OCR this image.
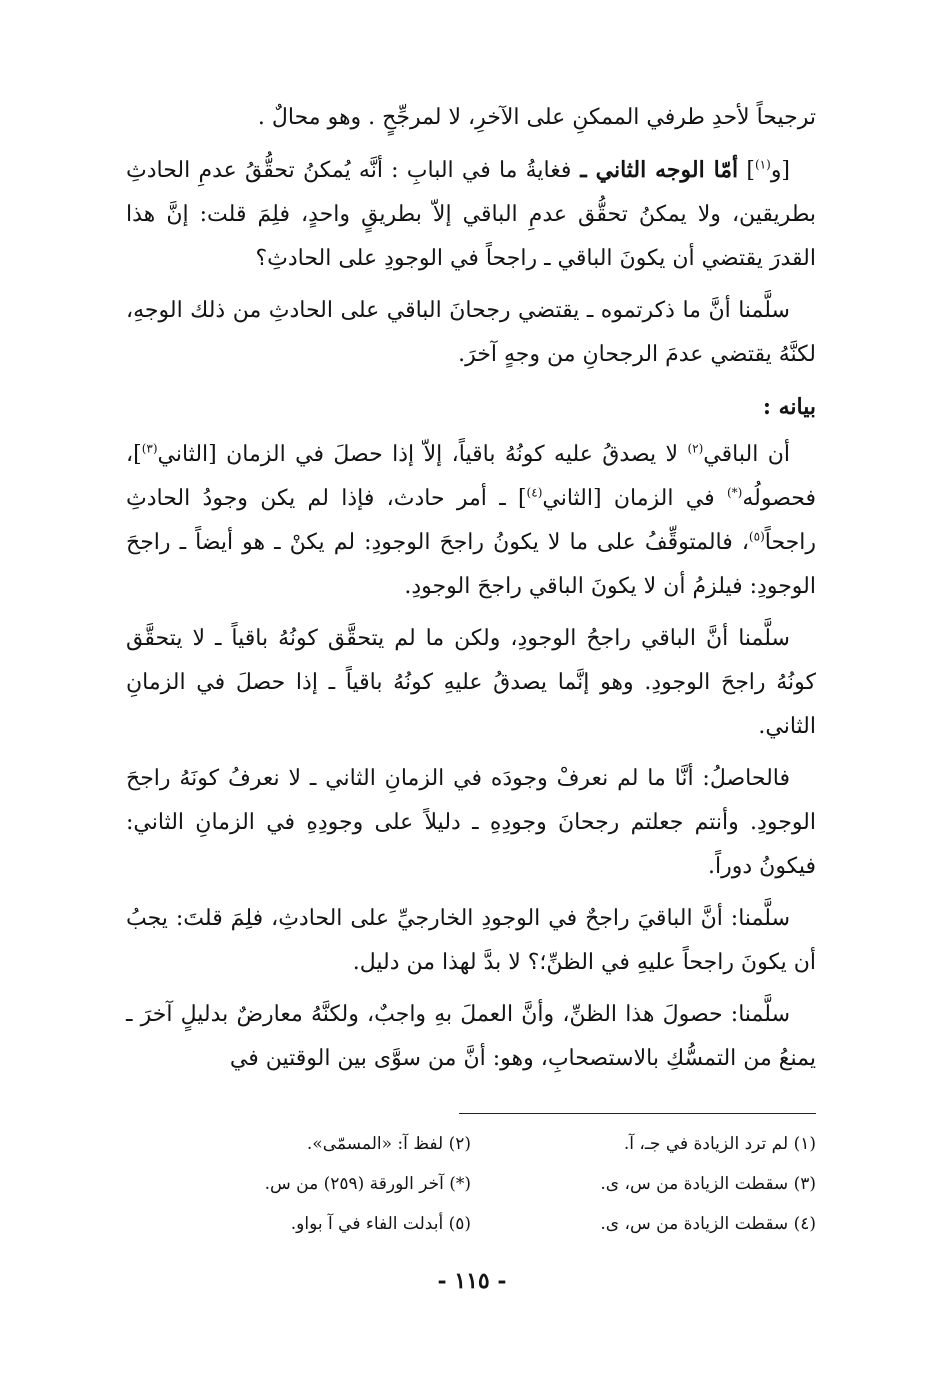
ترجيحاً لأحدِ طرفي الممكنِ على الآخرِ، لا لمرجِّحٍ . وهو محالٌ .

[و$^{(١)}$] أمّا الوجه الثاني ـ فغايةُ ما في البابِ : أنَّه يُمكنُ تحقُّقُ عدمِ الحادثِ بطريقين، ولا يمكنُ تحقُّق عدمِ الباقي إلاّ بطريقٍ واحدٍ، فلِمَ قلت: إنَّ هذا القدرَ يقتضي أن يكونَ الباقي ـ راجحاً في الوجودِ على الحادثِ؟

سلَّمنا أنَّ ما ذكرتموه ـ يقتضي رجحانَ الباقي على الحادثِ من ذلك الوجهِ، لكنَّهُ يقتضي عدمَ الرجحانِ من وجهٍ آخرَ.

بيانه :

أن الباقي$^{(٢)}$ لا يصدقُ عليه كونُهُ باقياً، إلاّ إذا حصلَ في الزمان [الثاني$^{(٣)}$]، فحصولُه(*) في الزمان [الثاني$^{(٤)}$] ـ أمر حادث، فإذا لم يكن وجودُ الحادثِ راجحاً$^{(٥)}$، فالمتوقِّفُ على ما لا يكونُ راجحَ الوجودِ: لم يكنْ ـ هو أيضاً ـ راجحَ الوجودِ: فيلزمُ أن لا يكونَ الباقي راجحَ الوجودِ.

سلَّمنا أنَّ الباقي راجحُ الوجودِ، ولكن ما لم يتحقَّق كونُهُ باقياً ـ لا يتحقَّق كونُهُ راجحَ الوجودِ. وهو إنَّما يصدقُ عليهِ كونُهُ باقياً ـ إذا حصلَ في الزمانِ الثاني.

فالحاصلُ: أنَّا ما لم نعرفْ وجودَه في الزمانِ الثاني ـ لا نعرفُ كونَهُ راجحَ الوجودِ. وأنتم جعلتم رجحانَ وجودِهِ ـ دليلاً على وجودِهِ في الزمانِ الثاني: فيكونُ دوراً.

سلَّمنا: أنَّ الباقيَ راجحٌ في الوجودِ الخارجيِّ على الحادثِ، فلِمَ قلتَ: يجبُ أن يكونَ راجحاً عليهِ في الظنِّ؛؟ لا بدَّ لهذا من دليل.

سلَّمنا: حصولَ هذا الظنِّ، وأنَّ العملَ بهِ واجبٌ، ولكنَّهُ معارضٌ بدليلٍ آخرَ ـ يمنعُ من التمسُّكِ بالاستصحابِ، وهو: أنَّ من سوَّى بين الوقتين في

(١) لم ترد الزيادة في جـ، آ.
(٢) لفظ آ: «المسمّى».
(٣) سقطت الزيادة من س، ى.
(*) آخر الورقة (٢٥٩) من س.
(٤) سقطت الزيادة من س، ى.
(٥) أبدلت الفاء في آ بواو.
- ١١٥ -
